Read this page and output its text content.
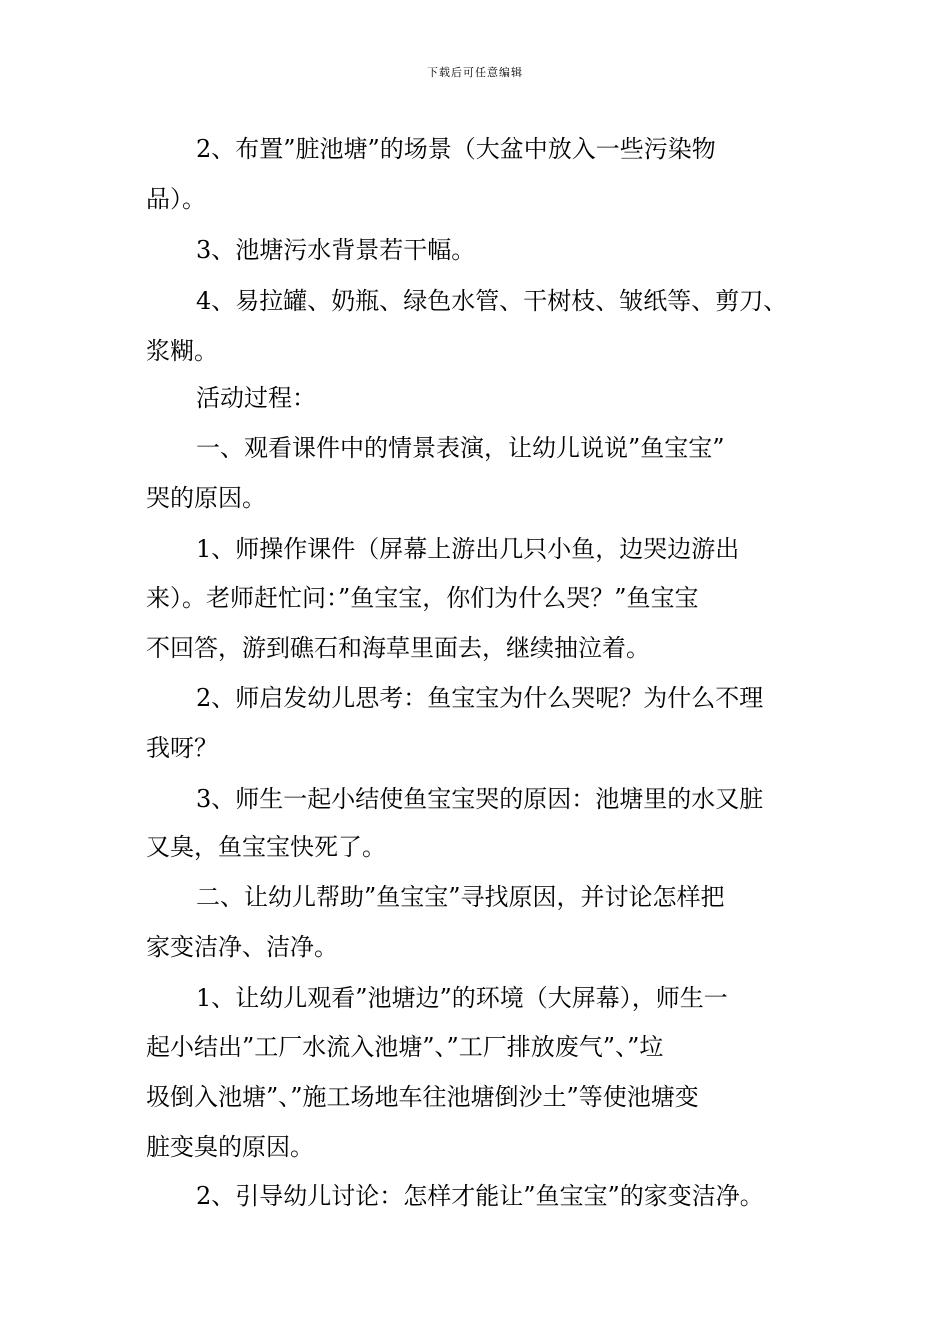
下载后可任意编辑
2、布置”脏池塘”的场景（大盆中放入一些污染物
品）。
3、池塘污水背景若干幅。
4、易拉罐、奶瓶、绿色水管、干树枝、皱纸等、剪刀、
浆糊。
活动过程：
一、观看课件中的情景表演，让幼儿说说”鱼宝宝”
哭的原因。
1、师操作课件（屏幕上游出几只小鱼，边哭边游出
来）。老师赶忙问：”鱼宝宝，你们为什么哭？”鱼宝宝
不回答，游到礁石和海草里面去，继续抽泣着。
2、师启发幼儿思考：鱼宝宝为什么哭呢？为什么不理
我呀？
3、师生一起小结使鱼宝宝哭的原因：池塘里的水又脏
又臭，鱼宝宝快死了。
二、让幼儿帮助”鱼宝宝”寻找原因，并讨论怎样把
家变洁净、洁净。
1、让幼儿观看”池塘边”的环境（大屏幕），师生一
起小结出”工厂水流入池塘”、”工厂排放废气”、”垃
圾倒入池塘”、”施工场地车往池塘倒沙土”等使池塘变
脏变臭的原因。
2、引导幼儿讨论：怎样才能让”鱼宝宝”的家变洁净。
